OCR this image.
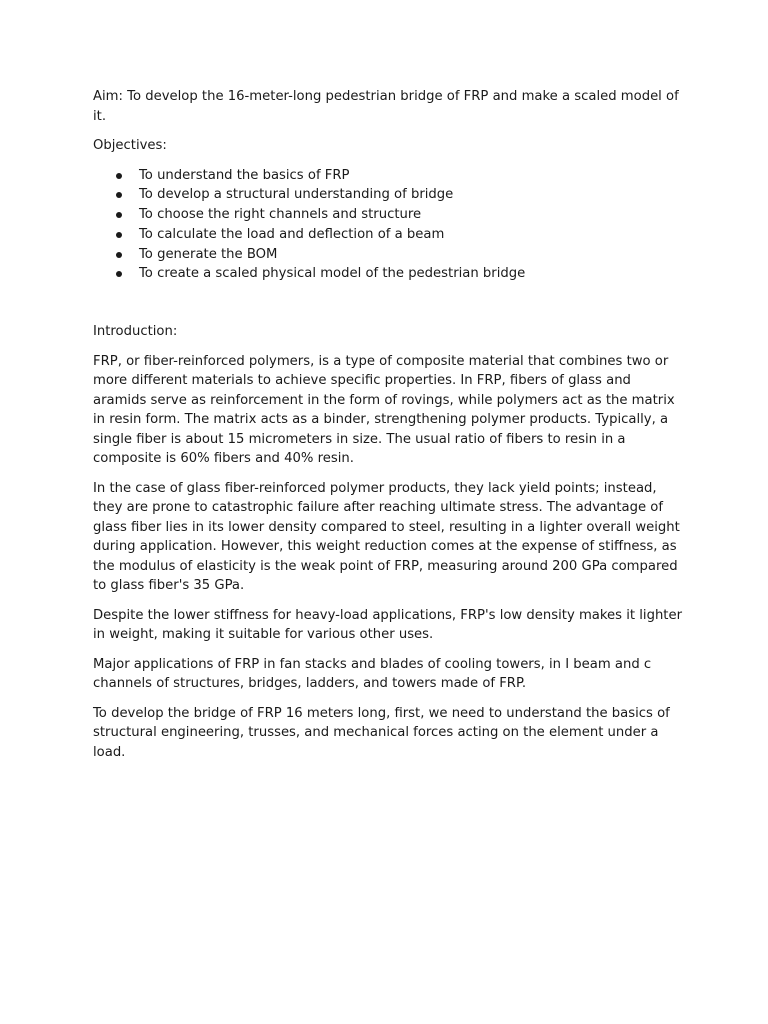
Aim: To develop the 16-meter-long pedestrian bridge of FRP and make a scaled model of it.

Objectives:

To understand the basics of FRP
To develop a structural understanding of bridge
To choose the right channels and structure
To calculate the load and deflection of a beam
To generate the BOM
To create a scaled physical model of the pedestrian bridge

Introduction:

FRP, or fiber-reinforced polymers, is a type of composite material that combines two or more different materials to achieve specific properties. In FRP, fibers of glass and aramids serve as reinforcement in the form of rovings, while polymers act as the matrix in resin form. The matrix acts as a binder, strengthening polymer products. Typically, a single fiber is about 15 micrometers in size. The usual ratio of fibers to resin in a composite is 60% fibers and 40% resin.

In the case of glass fiber-reinforced polymer products, they lack yield points; instead, they are prone to catastrophic failure after reaching ultimate stress. The advantage of glass fiber lies in its lower density compared to steel, resulting in a lighter overall weight during application. However, this weight reduction comes at the expense of stiffness, as the modulus of elasticity is the weak point of FRP, measuring around 200 GPa compared to glass fiber's 35 GPa.

Despite the lower stiffness for heavy-load applications, FRP's low density makes it lighter in weight, making it suitable for various other uses.

Major applications of FRP in fan stacks and blades of cooling towers, in I beam and c channels of structures, bridges, ladders, and towers made of FRP.

To develop the bridge of FRP 16 meters long, first, we need to understand the basics of structural engineering, trusses, and mechanical forces acting on the element under a load.
